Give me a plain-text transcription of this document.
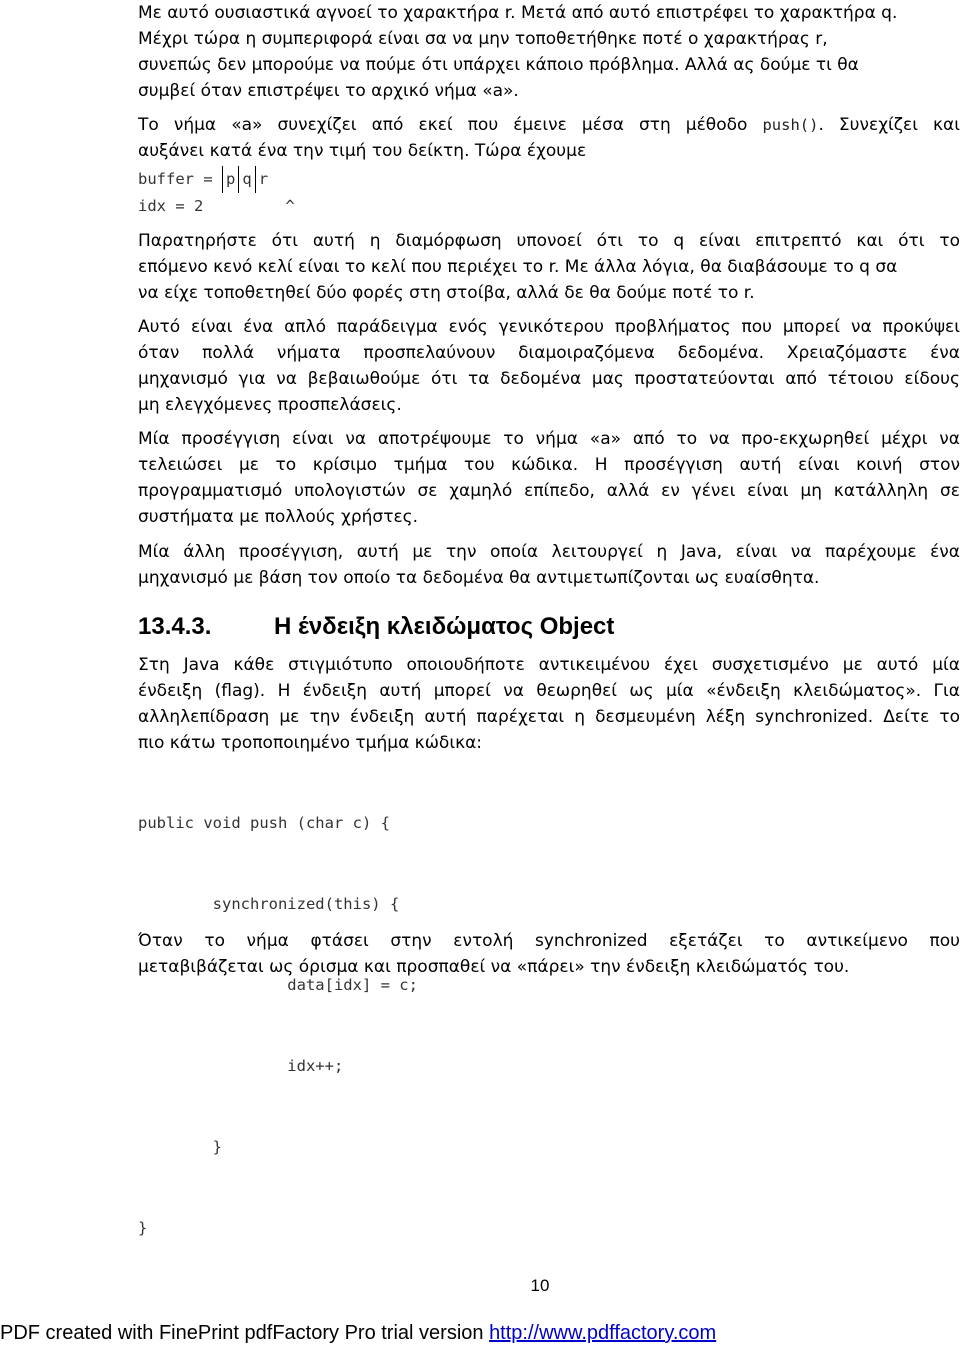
Με αυτό ουσιαστικά αγνοεί το χαρακτήρα r. Μετά από αυτό επιστρέφει το χαρακτήρα q.
Μέχρι τώρα η συμπεριφορά είναι σα να μην τοποθετήθηκε ποτέ ο χαρακτήρας r,
συνεπώς δεν μπορούμε να πούμε ότι υπάρχει κάποιο πρόβλημα. Αλλά ας δούμε τι θα
συμβεί όταν επιστρέψει το αρχικό νήμα «a».
Το νήμα «a» συνεχίζει από εκεί που έμεινε μέσα στη μέθοδο push(). Συνεχίζει και
αυξάνει κατά ένα την τιμή του δείκτη. Τώρα έχουμε
buffer = p q r
idx = 2	^
Παρατηρήστε ότι αυτή η διαμόρφωση υπονοεί ότι το q είναι επιτρεπτό και ότι το
επόμενο κενό κελί είναι το κελί που περιέχει το r. Με άλλα λόγια, θα διαβάσουμε το q σα
να είχε τοποθετηθεί δύο φορές στη στοίβα, αλλά δε θα δούμε ποτέ το r.
Αυτό είναι ένα απλό παράδειγμα ενός γενικότερου προβλήματος που μπορεί να προκύψει
όταν πολλά νήματα προσπελαύνουν διαμοιραζόμενα δεδομένα. Χρειαζόμαστε ένα
μηχανισμό για να βεβαιωθούμε ότι τα δεδομένα μας προστατεύονται από τέτοιου είδους
μη ελεγχόμενες προσπελάσεις.
Μία προσέγγιση είναι να αποτρέψουμε το νήμα «a» από το να προ-εκχωρηθεί μέχρι να
τελειώσει με το κρίσιμο τμήμα του κώδικα. Η προσέγγιση αυτή είναι κοινή στον
προγραμματισμό υπολογιστών σε χαμηλό επίπεδο, αλλά εν γένει είναι μη κατάλληλη σε
συστήματα με πολλούς χρήστες.
Μία άλλη προσέγγιση, αυτή με την οποία λειτουργεί η Java, είναι να παρέχουμε ένα
μηχανισμό με βάση τον οποίο τα δεδομένα θα αντιμετωπίζονται ως ευαίσθητα.
13.4.3.	Η ένδειξη κλειδώματος Object
Στη Java κάθε στιγμιότυπο οποιουδήποτε αντικειμένου έχει συσχετισμένο με αυτό μία
ένδειξη (flag). Η ένδειξη αυτή μπορεί να θεωρηθεί ως μία «ένδειξη κλειδώματος». Για
αλληλεπίδραση με την ένδειξη αυτή παρέχεται η δεσμευμένη λέξη synchronized. Δείτε το
πιο κάτω τροποποιημένο τμήμα κώδικα:

public void push (char c) {

synchronized(this) {

data[idx] = c;

idx++;

}

}

Όταν το νήμα φτάσει στην εντολή synchronized εξετάζει το αντικείμενο που
μεταβιβάζεται ως όρισμα και προσπαθεί να «πάρει» την ένδειξη κλειδώματός του.
10
PDF created with FinePrint pdfFactory Pro trial version http://www.pdffactory.com
